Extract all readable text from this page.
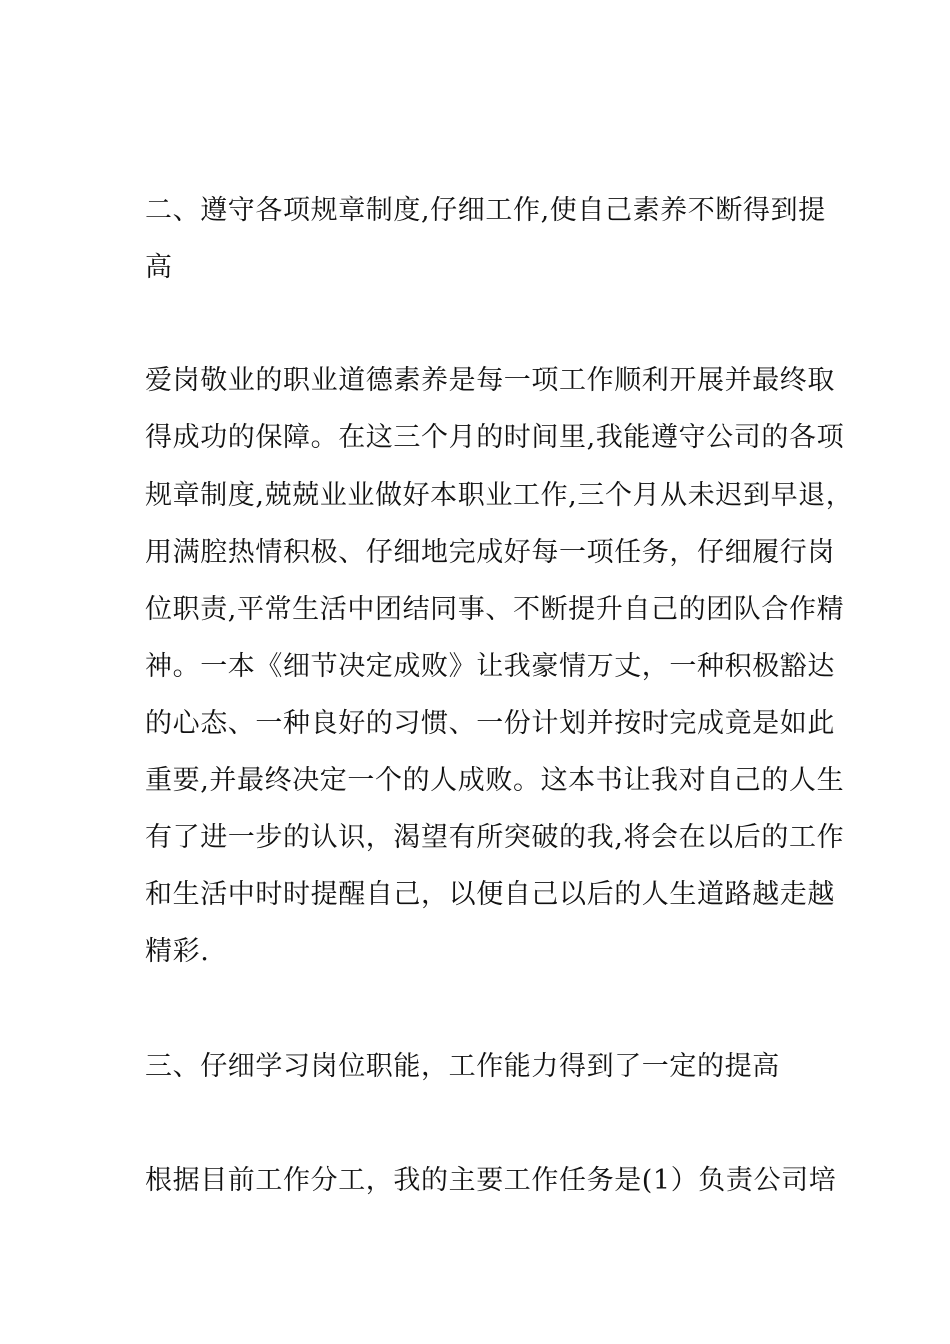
二、遵守各项规章制度,仔细工作,使自己素养不断得到提
高
爱岗敬业的职业道德素养是每一项工作顺利开展并最终取
得成功的保障。在这三个月的时间里,我能遵守公司的各项
规章制度,兢兢业业做好本职业工作,三个月从未迟到早退，
用满腔热情积极、仔细地完成好每一项任务，仔细履行岗
位职责,平常生活中团结同事、不断提升自己的团队合作精
神。一本《细节决定成败》让我豪情万丈，一种积极豁达
的心态、一种良好的习惯、一份计划并按时完成竟是如此
重要,并最终决定一个的人成败。这本书让我对自己的人生
有了进一步的认识，渴望有所突破的我,将会在以后的工作
和生活中时时提醒自己，以便自己以后的人生道路越走越
精彩.
三、仔细学习岗位职能，工作能力得到了一定的提高
根据目前工作分工，我的主要工作任务是(1）负责公司培
